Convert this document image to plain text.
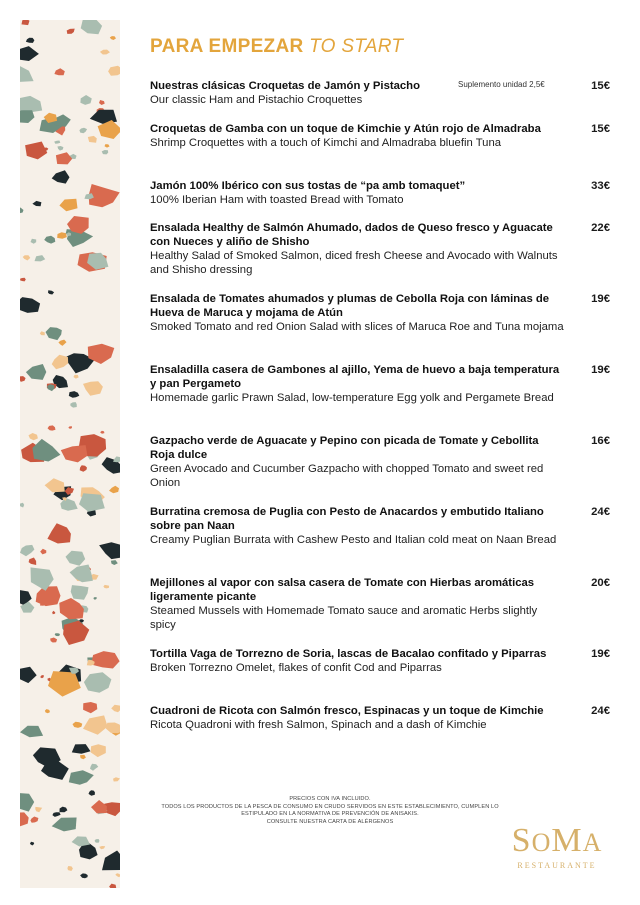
PARA EMPEZAR TO START
Nuestras clásicas Croquetas de Jamón y Pistacho	Suplemento unidad 2,5€
Our classic Ham and Pistachio Croquettes
15€
Croquetas de Gamba con un toque de Kimchie y Atún rojo de Almadraba
Shrimp Croquettes with a touch of Kimchi and Almadraba bluefin Tuna
15€
Jamón 100% Ibérico con sus tostas de “pa amb tomaquet”
100% Iberian Ham with toasted Bread with Tomato
33€
Ensalada Healthy de Salmón Ahumado, dados de Queso fresco y Aguacate con Nueces y aliño de Shisho
Healthy Salad of Smoked Salmon, diced fresh Cheese and Avocado with Walnuts and Shisho dressing
22€
Ensalada de Tomates ahumados y plumas de Cebolla Roja con láminas de Hueva de Maruca y mojama de Atún
Smoked Tomato and red Onion Salad with slices of Maruca Roe and Tuna mojama
19€
Ensaladilla casera de Gambones al ajillo, Yema de huevo a baja temperatura y pan Pergameto
Homemade garlic Prawn Salad, low-temperature Egg yolk and Pergamete Bread
19€
Gazpacho verde de Aguacate y Pepino con picada de Tomate y Cebollita Roja dulce
Green Avocado and Cucumber Gazpacho with chopped Tomato and sweet red Onion
16€
Burratina cremosa de Puglia con Pesto de Anacardos y embutido Italiano sobre pan Naan
Creamy Puglian Burrata with Cashew Pesto and Italian cold meat on Naan Bread
24€
Mejillones al vapor con salsa casera de Tomate con Hierbas aromáticas ligeramente picante
Steamed Mussels with Homemade Tomato sauce and aromatic Herbs slightly spicy
20€
Tortilla Vaga de Torrezno de Soria, lascas de Bacalao confitado y Piparras
Broken Torrezno Omelet, flakes of confit Cod and Piparras
19€
Cuadroni de Ricota con Salmón fresco, Espinacas y un toque de Kimchie
Ricota Quadroni with fresh Salmon, Spinach and a dash of Kimchie
24€
PRECIOS CON IVA INCLUIDO.
TODOS LOS PRODUCTOS DE LA PESCA DE CONSUMO EN CRUDO SERVIDOS EN ESTE ESTABLECIMIENTO, CUMPLEN LO
ESTIPULADO EN LA NORMATIVA DE PREVENCIÓN DE ANISAKIS.
CONSULTE NUESTRA CARTA DE ALÉRGENOS
SOMA
RESTAURANTE
